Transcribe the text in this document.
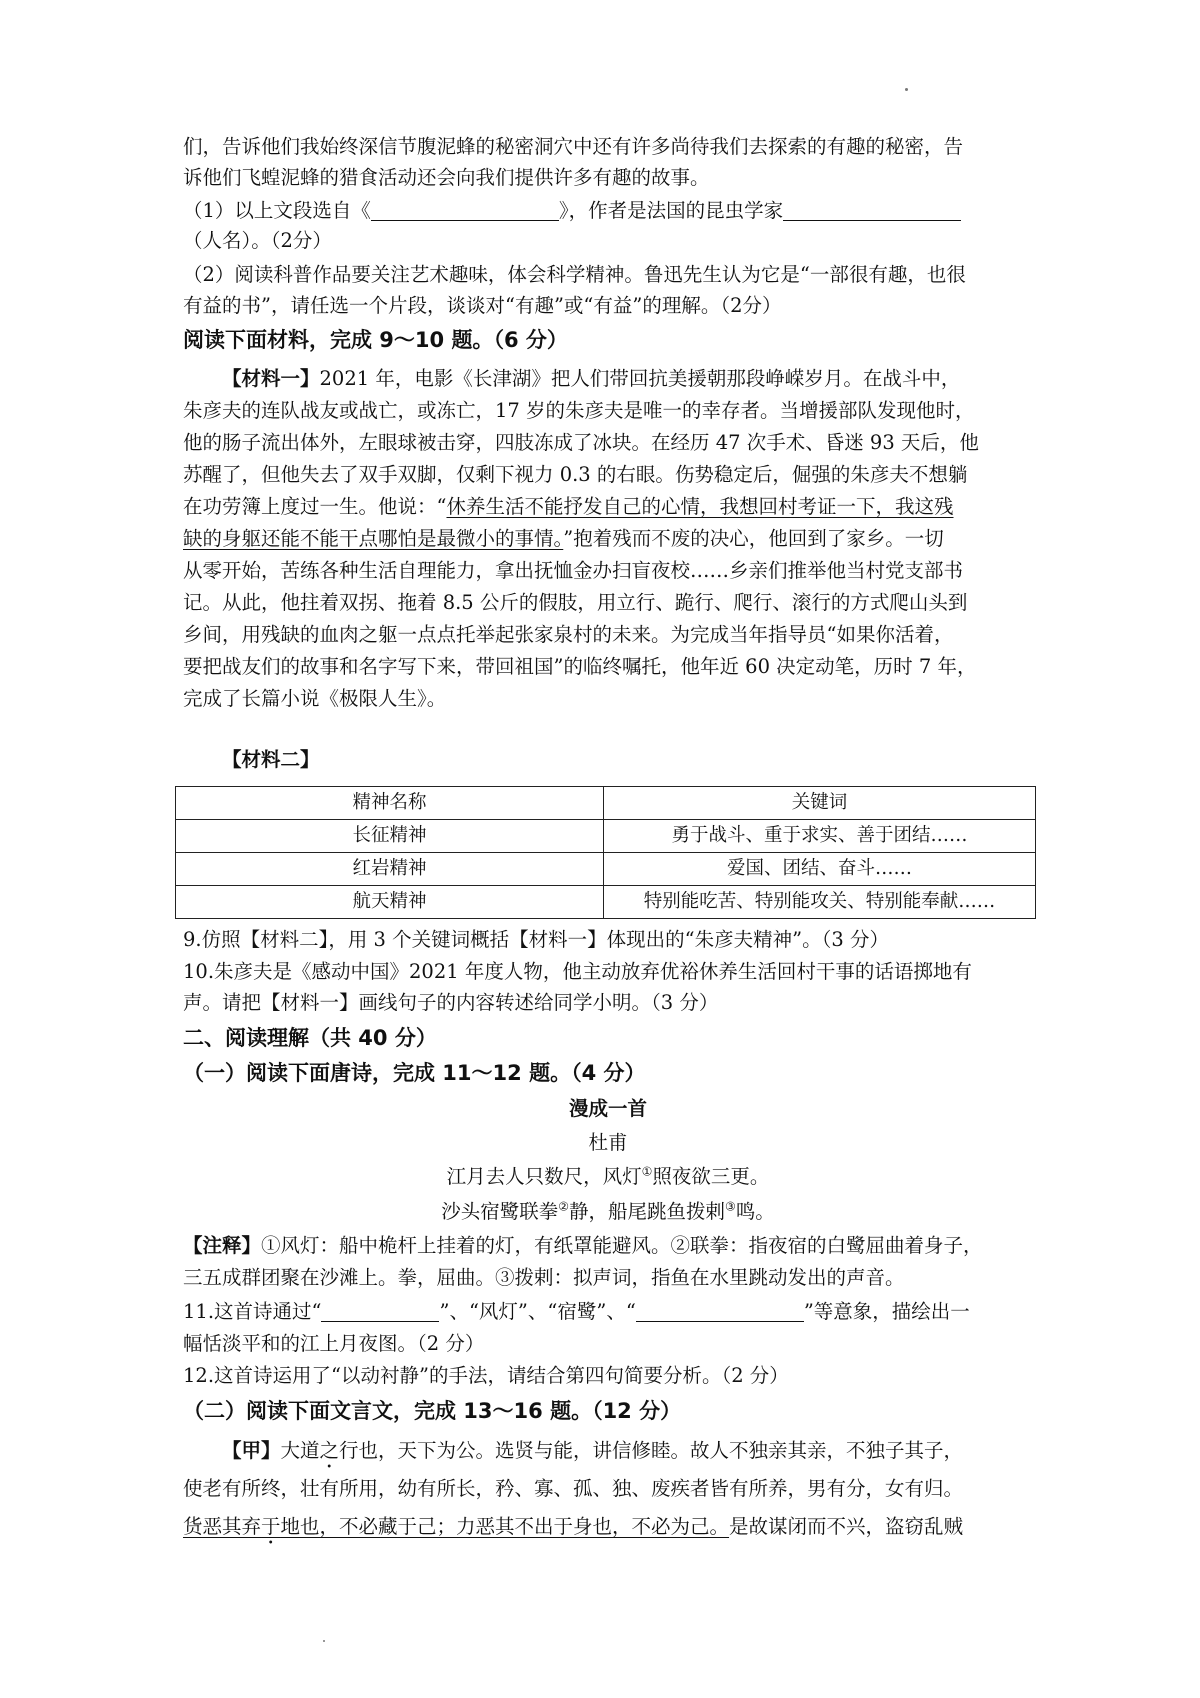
们，告诉他们我始终深信节腹泥蜂的秘密洞穴中还有许多尚待我们去探索的有趣的秘密，告

诉他们飞蝗泥蜂的猎食活动还会向我们提供许多有趣的故事。

（1）以上文段选自《	》，作者是法国的昆虫学家

（人名）。（2分）

（2）阅读科普作品要关注艺术趣味，体会科学精神。鲁迅先生认为它是“一部很有趣，也很

有益的书”，请任选一个片段，谈谈对“有趣”或“有益”的理解。（2分）

阅读下面材料，完成 9～10 题。（6 分）

【材料一】2021 年，电影《长津湖》把人们带回抗美援朝那段峥嵘岁月。在战斗中，

朱彦夫的连队战友或战亡，或冻亡，17 岁的朱彦夫是唯一的幸存者。当增援部队发现他时，

他的肠子流出体外，左眼球被击穿，四肢冻成了冰块。在经历 47 次手术、昏迷 93 天后，他

苏醒了，但他失去了双手双脚，仅剩下视力 0.3 的右眼。伤势稳定后，倔强的朱彦夫不想躺

在功劳簿上度过一生。他说：“休养生活不能抒发自己的心情，我想回村考证一下，我这残

缺的身躯还能不能干点哪怕是最微小的事情。”抱着残而不废的决心，他回到了家乡。一切

从零开始，苦练各种生活自理能力，拿出抚恤金办扫盲夜校……乡亲们推举他当村党支部书

记。从此，他拄着双拐、拖着 8.5 公斤的假肢，用立行、跪行、爬行、滚行的方式爬山头到

乡间，用残缺的血肉之躯一点点托举起张家泉村的未来。为完成当年指导员“如果你活着，

要把战友们的故事和名字写下来，带回祖国”的临终嘱托，他年近 60 决定动笔，历时 7 年，

完成了长篇小说《极限人生》。

【材料二】

精神名称	关键词
长征精神	勇于战斗、重于求实、善于团结……
红岩精神	爱国、团结、奋斗……
航天精神	特别能吃苦、特别能攻关、特别能奉献……

9.仿照【材料二】，用 3 个关键词概括【材料一】体现出的“朱彦夫精神”。（3 分）

10.朱彦夫是《感动中国》2021 年度人物，他主动放弃优裕休养生活回村干事的话语掷地有

声。请把【材料一】画线句子的内容转述给同学小明。（3 分）

二、阅读理解（共 40 分）

（一）阅读下面唐诗，完成 11～12 题。（4 分）

漫成一首

杜甫

江月去人只数尺，风灯①照夜欲三更。

沙头宿鹭联拳②静，船尾跳鱼拨剌③鸣。

【注释】①风灯：船中桅杆上挂着的灯，有纸罩能避风。②联拳：指夜宿的白鹭屈曲着身子，

三五成群团聚在沙滩上。拳，屈曲。③拨剌：拟声词，指鱼在水里跳动发出的声音。

11.这首诗通过“	”、“风灯”、“宿鹭”、“	”等意象，描绘出一

幅恬淡平和的江上月夜图。（2 分）

12.这首诗运用了“以动衬静”的手法，请结合第四句简要分析。（2 分）

（二）阅读下面文言文，完成 13～16 题。（12 分）

【甲】大道之行也，天下为公。选贤与能，讲信修睦。故人不独亲其亲，不独子其子，

使老有所终，壮有所用，幼有所长，矜、寡、孤、独、废疾者皆有所养，男有分，女有归。

货恶其弃于地也，不必藏于己；力恶其不出于身也，不必为己。是故谋闭而不兴，盗窃乱贼
